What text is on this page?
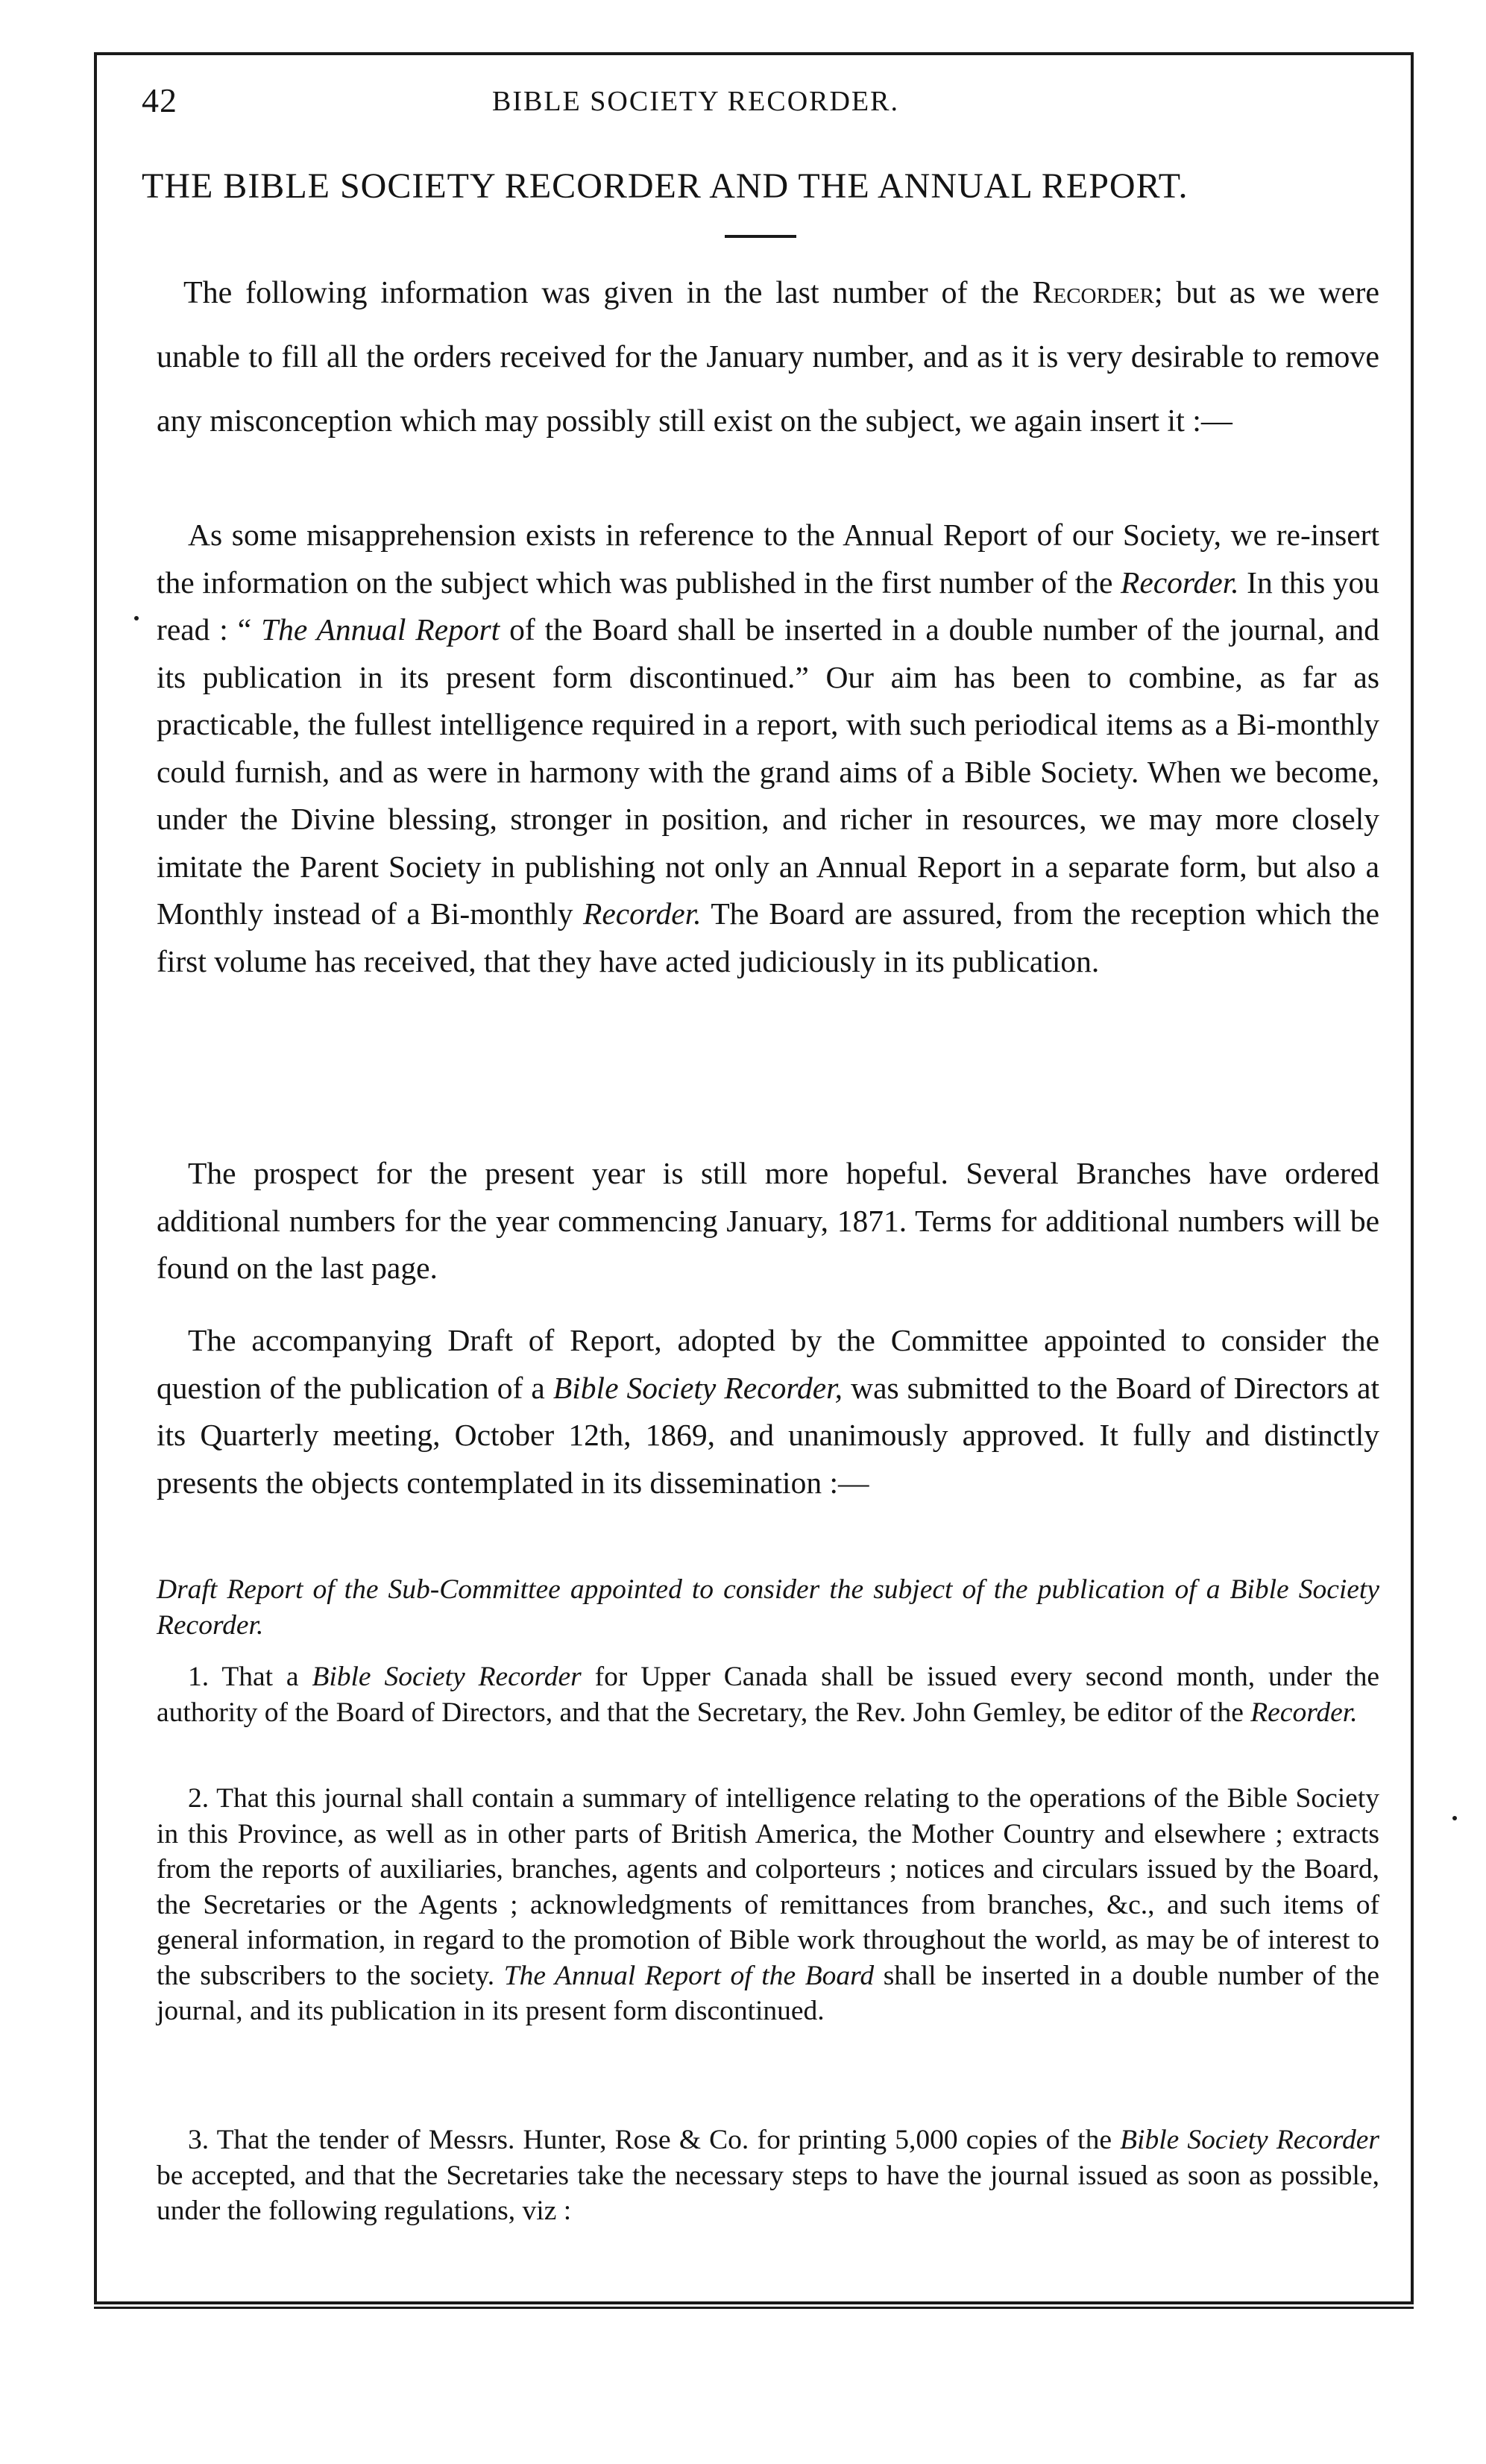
42	BIBLE SOCIETY RECORDER.
THE BIBLE SOCIETY RECORDER AND THE ANNUAL REPORT.

The following information was given in the last number of the Recorder; but as we were unable to fill all the orders received for the January number, and as it is very desirable to remove any misconception which may possibly still exist on the subject, we again insert it :—

As some misapprehension exists in reference to the Annual Report of our Society, we re-insert the information on the subject which was published in the first number of the Recorder. In this you read : “ The Annual Report of the Board shall be inserted in a double number of the journal, and its publication in its present form discontinued.” Our aim has been to combine, as far as practicable, the fullest intelligence required in a report, with such periodical items as a Bi-monthly could furnish, and as were in harmony with the grand aims of a Bible Society. When we become, under the Divine blessing, stronger in position, and richer in resources, we may more closely imitate the Parent Society in publishing not only an Annual Report in a separate form, but also a Monthly instead of a Bi-monthly Recorder. The Board are assured, from the reception which the first volume has received, that they have acted judiciously in its publication.

The prospect for the present year is still more hopeful. Several Branches have ordered additional numbers for the year commencing January, 1871. Terms for additional numbers will be found on the last page.

The accompanying Draft of Report, adopted by the Committee appointed to consider the question of the publication of a Bible Society Recorder, was submitted to the Board of Directors at its Quarterly meeting, October 12th, 1869, and unanimously approved. It fully and distinctly presents the objects contemplated in its dissemination :—

Draft Report of the Sub-Committee appointed to consider the subject of the publication of a Bible Society Recorder.

1. That a Bible Society Recorder for Upper Canada shall be issued every second month, under the authority of the Board of Directors, and that the Secretary, the Rev. John Gemley, be editor of the Recorder.

2. That this journal shall contain a summary of intelligence relating to the operations of the Bible Society in this Province, as well as in other parts of British America, the Mother Country and elsewhere ; extracts from the reports of auxiliaries, branches, agents and colporteurs ; notices and circulars issued by the Board, the Secretaries or the Agents ; acknowledgments of remittances from branches, &c., and such items of general information, in regard to the promotion of Bible work throughout the world, as may be of interest to the subscribers to the society. The Annual Report of the Board shall be inserted in a double number of the journal, and its publication in its present form discontinued.

3. That the tender of Messrs. Hunter, Rose & Co. for printing 5,000 copies of the Bible Society Recorder be accepted, and that the Secretaries take the necessary steps to have the journal issued as soon as possible, under the following regulations, viz :
